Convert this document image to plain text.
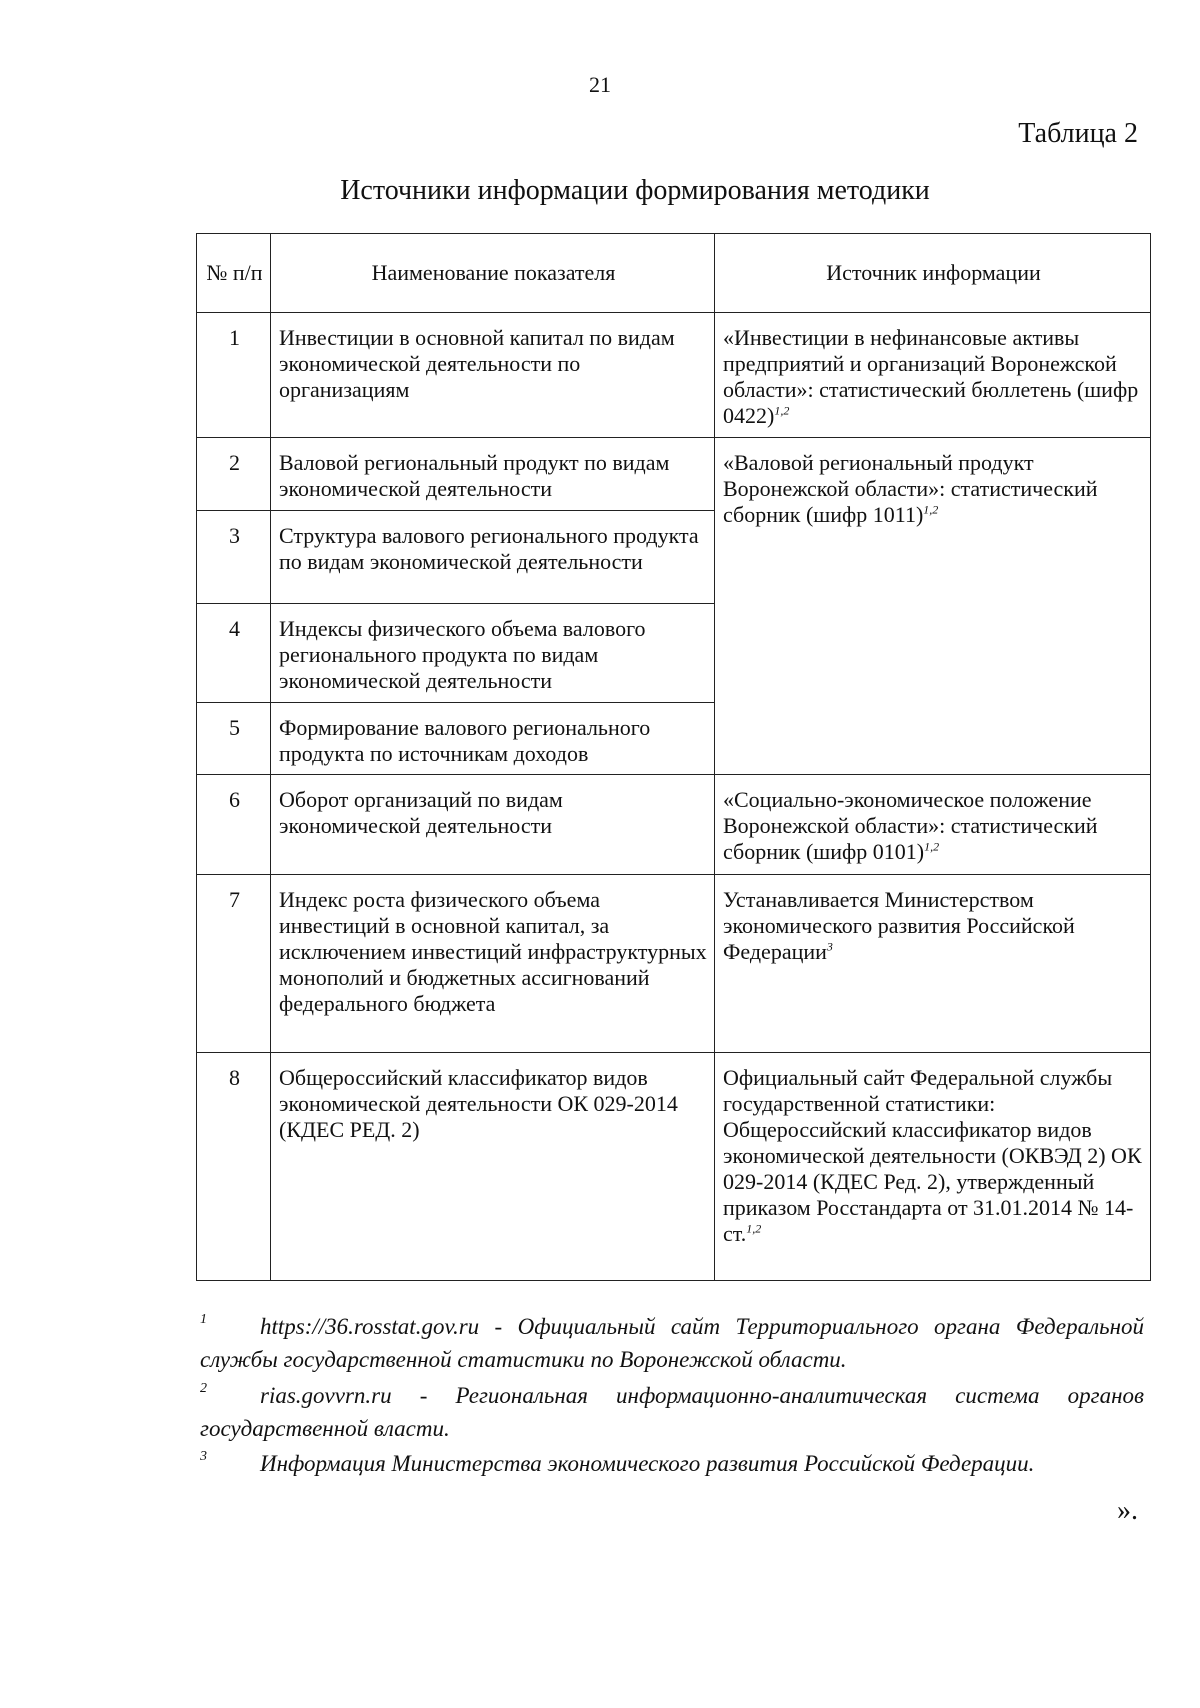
21
Таблица 2
Источники информации формирования методики
№ п/п	Наименование показателя	Источник информации
1	Инвестиции в основной капитал по видам экономической деятельности по организациям	«Инвестиции в нефинансовые активы предприятий и организаций Воронежской области»: статистический бюллетень (шифр 0422)$^{1,2}$
2	Валовой региональный продукт по видам экономической деятельности	«Валовой региональный продукт Воронежской области»: статистический сборник (шифр 1011)$^{1,2}$
3	Структура валового регионального продукта по видам экономической деятельности	
4	Индексы физического объема валового регионального продукта по видам экономической деятельности	
5	Формирование валового регионального продукта по источникам доходов	
6	Оборот организаций по видам экономической деятельности	«Социально-экономическое положение Воронежской области»: статистический сборник (шифр 0101)$^{1,2}$
7	Индекс роста физического объема инвестиций в основной капитал, за исключением инвестиций инфраструктурных монополий и бюджетных ассигнований федерального бюджета	Устанавливается Министерством экономического развития Российской Федерации$^3$
8	Общероссийский классификатор видов экономической деятельности ОК 029-2014 (КДЕС РЕД. 2)	Официальный сайт Федеральной службы государственной статистики: Общероссийский классификатор видов экономической деятельности (ОКВЭД 2) ОК 029-2014 (КДЕС Ред. 2), утвержденный приказом Росстандарта от 31.01.2014 № 14-ст.$^{1,2}$
1 https://36.rosstat.gov.ru - Официальный сайт Территориального органа Федеральной службы государственной статистики по Воронежской области.
2 rias.govvrn.ru - Региональная информационно-аналитическая система органов государственной власти.
3 Информация Министерства экономического развития Российской Федерации.
».
